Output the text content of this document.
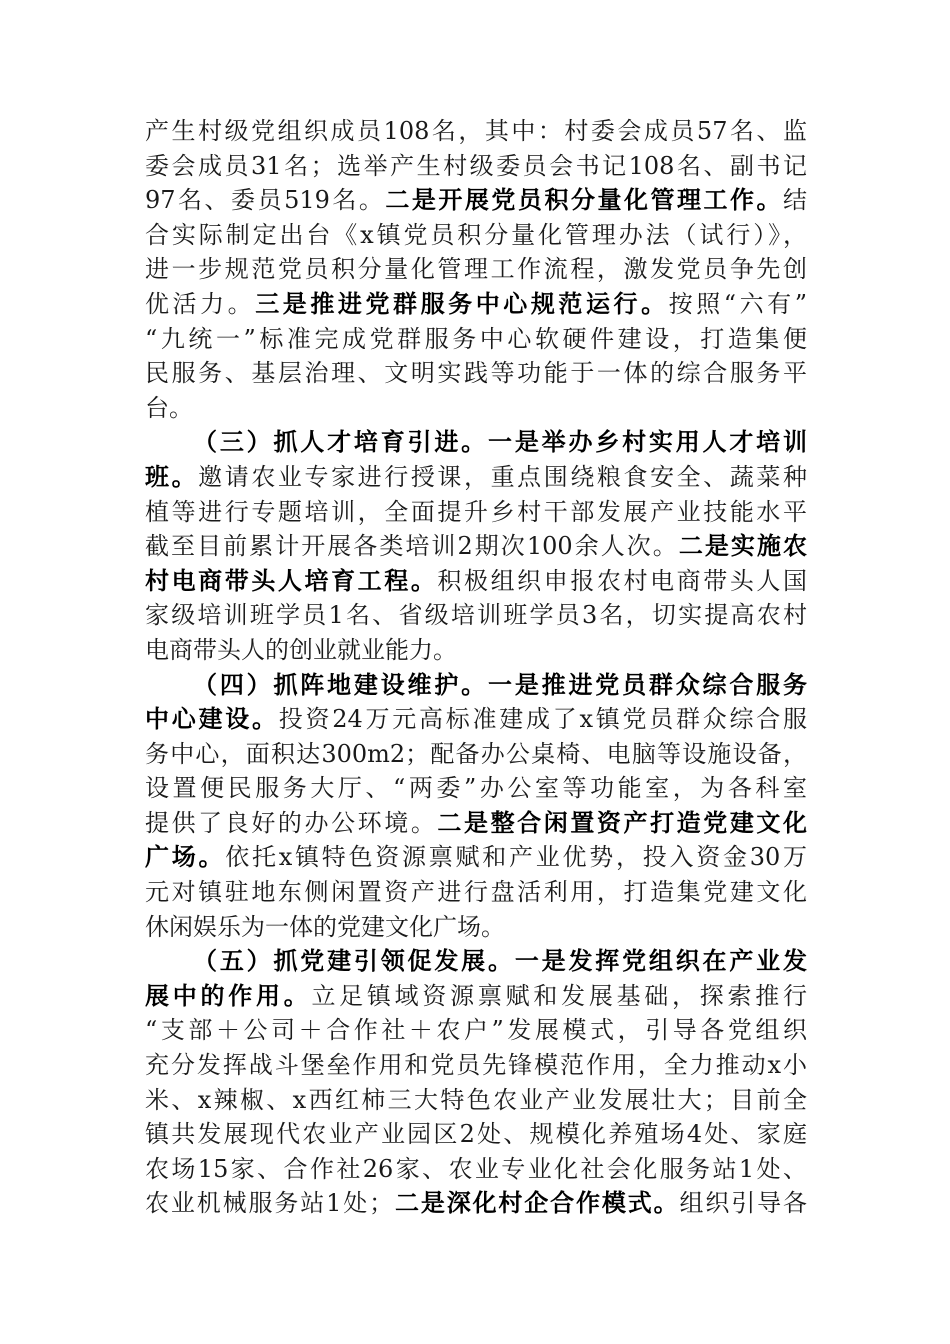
产生村级党组织成员108名，其中：村委会成员57名、监
委会成员31名；选举产生村级委员会书记108名、副书记
97名、委员519名。二是开展党员积分量化管理工作。结
合实际制定出台《x镇党员积分量化管理办法（试行）》，
进一步规范党员积分量化管理工作流程，激发党员争先创
优活力。三是推进党群服务中心规范运行。按照“六有”
“九统一”标准完成党群服务中心软硬件建设，打造集便
民服务、基层治理、文明实践等功能于一体的综合服务平
台。
（三）抓人才培育引进。一是举办乡村实用人才培训
班。邀请农业专家进行授课，重点围绕粮食安全、蔬菜种
植等进行专题培训，全面提升乡村干部发展产业技能水平
截至目前累计开展各类培训2期次100余人次。二是实施农
村电商带头人培育工程。积极组织申报农村电商带头人国
家级培训班学员1名、省级培训班学员3名，切实提高农村
电商带头人的创业就业能力。
（四）抓阵地建设维护。一是推进党员群众综合服务
中心建设。投资24万元高标准建成了x镇党员群众综合服
务中心，面积达300m2；配备办公桌椅、电脑等设施设备，
设置便民服务大厅、“两委”办公室等功能室，为各科室
提供了良好的办公环境。二是整合闲置资产打造党建文化
广场。依托x镇特色资源禀赋和产业优势，投入资金30万
元对镇驻地东侧闲置资产进行盘活利用，打造集党建文化
休闲娱乐为一体的党建文化广场。
（五）抓党建引领促发展。一是发挥党组织在产业发
展中的作用。立足镇域资源禀赋和发展基础，探索推行
“支部＋公司＋合作社＋农户”发展模式，引导各党组织
充分发挥战斗堡垒作用和党员先锋模范作用，全力推动x小
米、x辣椒、x西红柿三大特色农业产业发展壮大；目前全
镇共发展现代农业产业园区2处、规模化养殖场4处、家庭
农场15家、合作社26家、农业专业化社会化服务站1处、
农业机械服务站1处；二是深化村企合作模式。组织引导各
